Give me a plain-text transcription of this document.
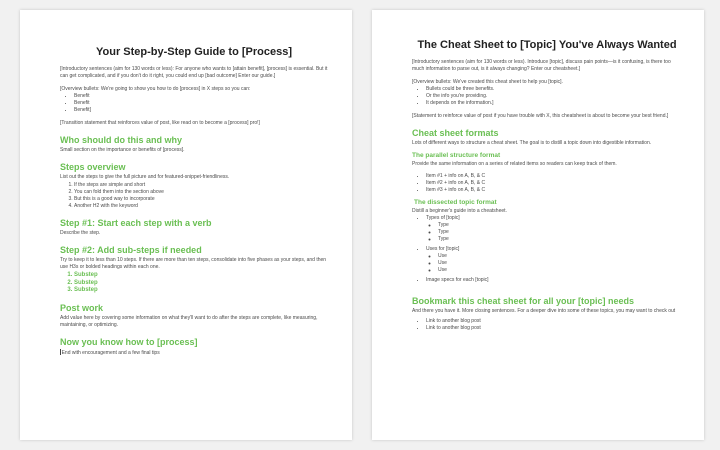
Your Step-by-Step Guide to [Process]

[Introductory sentences (aim for 130 words or less): For anyone who wants to [attain benefit], [process] is essential. But it can get complicated, and if you don't do it right, you could end up [bad outcome] Enter our guide.]

[Overview bullets: We're going to show you how to do [process] in X steps so you can:

• Benefit
• Benefit
• Benefit]

[Transition statement that reinforces value of post, like read on to become a [process] pro!]

Who should do this and why

Small section on the importance or benefits of [process].

Steps overview

List out the steps to give the full picture and for featured-snippet-friendliness.

1. If the steps are simple and short
2. You can fold them into the section above
3. But this is a good way to incorporate
4. Another H2 with the keyword
Step #1: Start each step with a verb

Describe the step.

Step #2: Add sub-steps if needed

Try to keep it to less than 10 steps. If there are more than ten steps, consolidate into five phases as your steps, and then use H3s or bolded headings within each one.

1. Substep
2. Substep
3. Substep
Post work

Add value here by covering some information on what they'll want to do after the steps are complete, like measuring, maintaining, or optimizing.

Now you know how to [process]

End with encouragement and a few final tips

The Cheat Sheet to [Topic] You've Always Wanted

[Introductory sentences (aim for 130 words or less). Introduce [topic], discuss pain points—is it confusing, is there too much information to parse out, is it always changing? Enter our cheatsheet.]

[Overview bullets: We've created this cheat sheet to help you [topic].

• Bullets could be three benefits.
• Or the info you're providing.
• It depends on the information.]

[Statement to reinforce value of post if you have trouble with X, this cheatsheet is about to become your best friend.]

Cheat sheet formats

Lots of different ways to structure a cheat sheet. The goal is to distill a topic down into digestible information.

The parallel structure format

Provide the same information on a series of related items so readers can keep track of them.

• Item #1 + info on A, B, & C
• Item #2 + info on A, B, & C
• Item #3 + info on A, B, & C
The dissected topic format

Distill a beginner's guide into a cheatsheet.

• Types of [topic]
◦ Type
◦ Type
◦ Type
• Uses for [topic]
◦ Use
◦ Use
◦ Use
• Image specs for each [topic]
Bookmark this cheat sheet for all your [topic] needs

And there you have it. More closing sentences. For a deeper dive into some of these topics, you may want to check out

• Link to another blog post
• Link to another blog post
